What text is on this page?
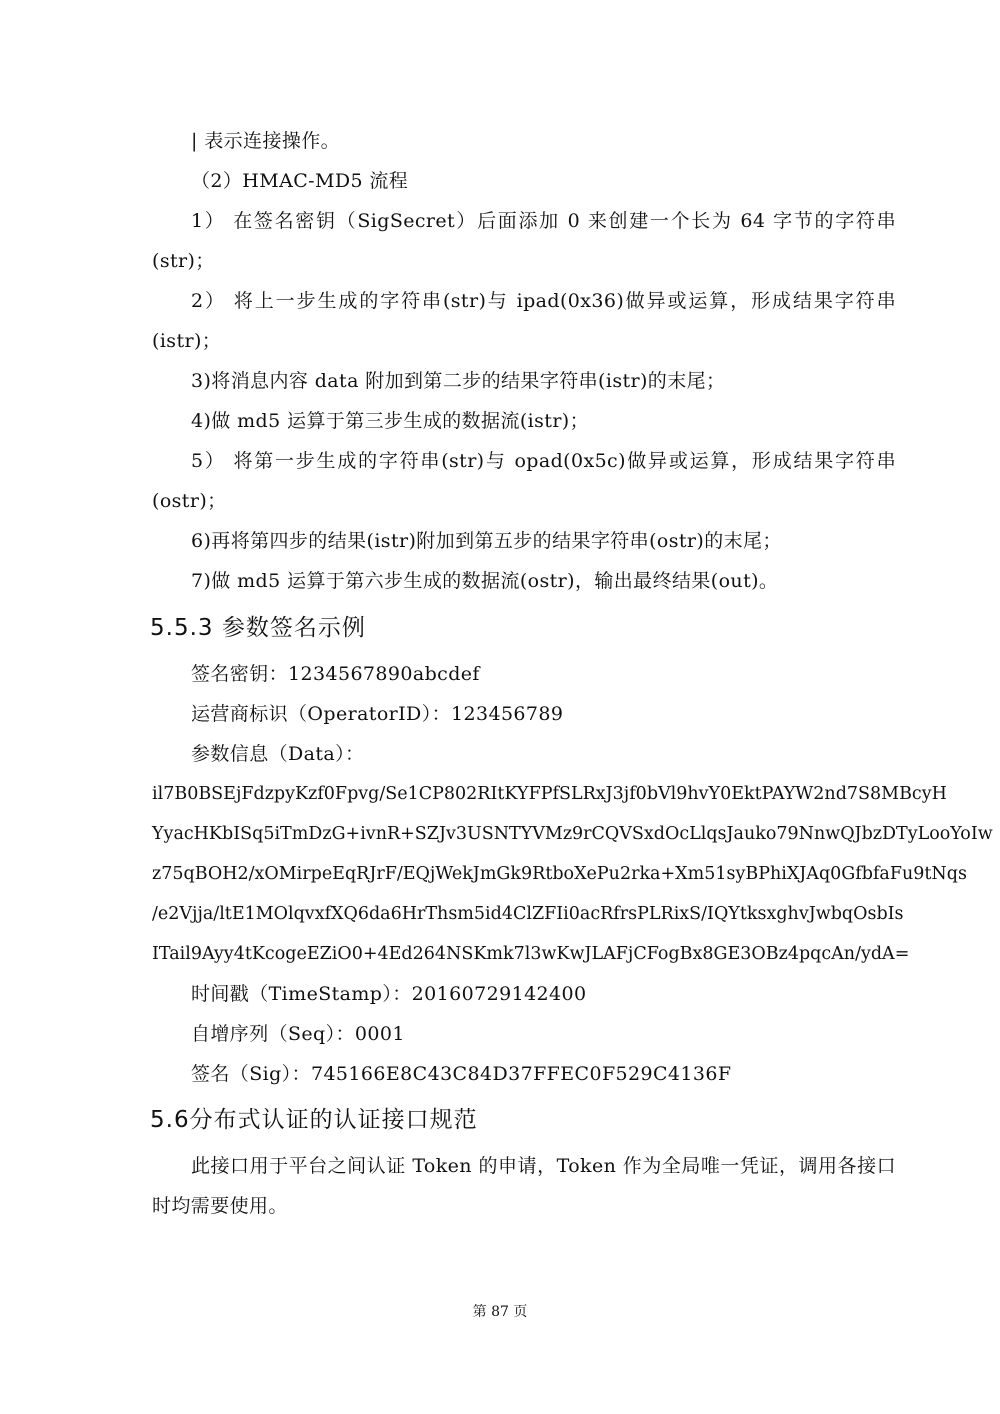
| 表示连接操作。
（2）HMAC-MD5 流程
1） 在签名密钥（SigSecret）后面添加 0 来创建一个长为 64 字节的字符串
(str)；
2） 将上一步生成的字符串(str)与 ipad(0x36)做异或运算，形成结果字符串
(istr)；
3)将消息内容 data 附加到第二步的结果字符串(istr)的末尾；
4)做 md5 运算于第三步生成的数据流(istr)；
5） 将第一步生成的字符串(str)与 opad(0x5c)做异或运算，形成结果字符串
(ostr)；
6)再将第四步的结果(istr)附加到第五步的结果字符串(ostr)的末尾；
7)做 md5 运算于第六步生成的数据流(ostr)，输出最终结果(out)。
5.5.3 参数签名示例
签名密钥：1234567890abcdef
运营商标识（OperatorID）：123456789
参数信息（Data）：
il7B0BSEjFdzpyKzf0Fpvg/Se1CP802RItKYFPfSLRxJ3jf0bVl9hvY0EktPAYW2nd7S8MBcyH
YyacHKbISq5iTmDzG+ivnR+SZJv3USNTYVMz9rCQVSxdOcLlqsJauko79NnwQJbzDTyLooYoIw
z75qBOH2/xOMirpeEqRJrF/EQjWekJmGk9RtboXePu2rka+Xm51syBPhiXJAq0GfbfaFu9tNqs
/e2Vjja/ltE1MOlqvxfXQ6da6HrThsm5id4ClZFIi0acRfrsPLRixS/IQYtksxghvJwbqOsbIs
ITail9Ayy4tKcogeEZiO0+4Ed264NSKmk7l3wKwJLAFjCFogBx8GE3OBz4pqcAn/ydA=
时间戳（TimeStamp）：20160729142400
自增序列（Seq）：0001
签名（Sig）：745166E8C43C84D37FFEC0F529C4136F
5.6分布式认证的认证接口规范
此接口用于平台之间认证 Token 的申请，Token 作为全局唯一凭证，调用各接口
时均需要使用。
第 87 页
